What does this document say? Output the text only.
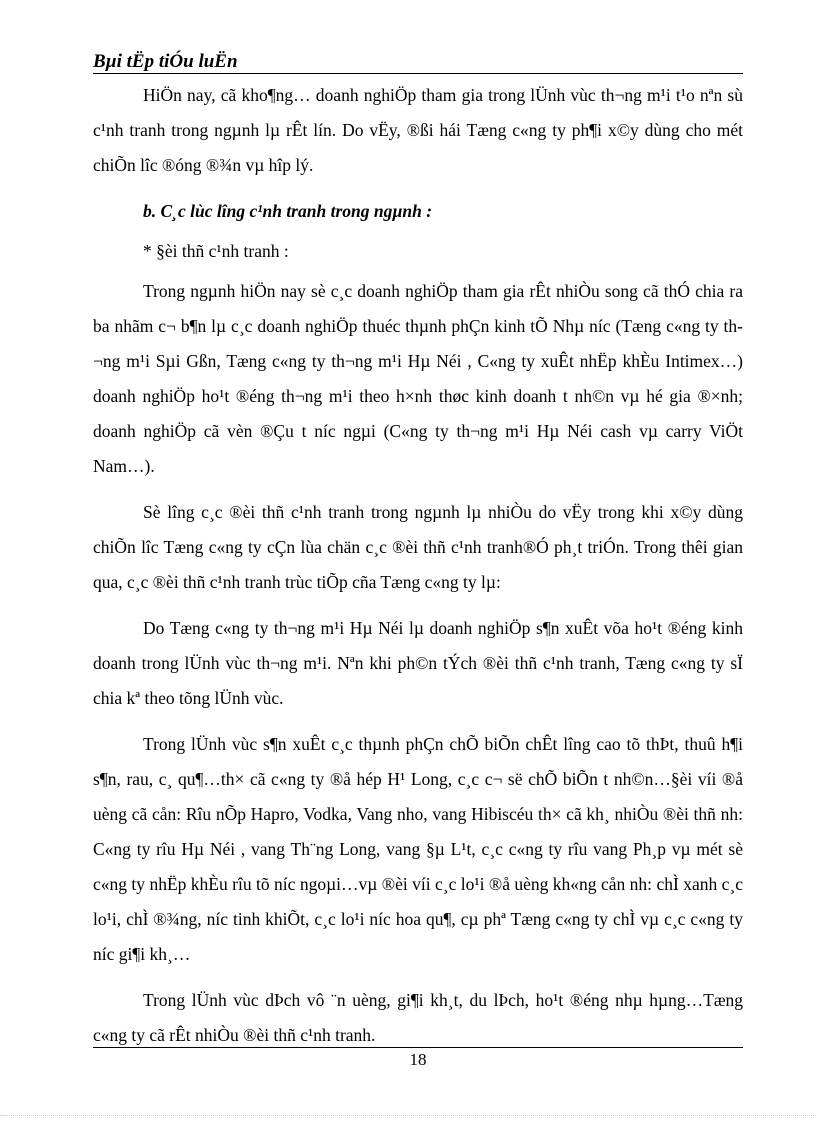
Bµi tËp tiÓu luËn

HiÖn nay, cã kho¶ng… doanh nghiÖp tham gia trong lÜnh vùc th¬ng m¹i t¹o nªn sù c¹nh tranh trong ngµnh lµ rÊt lín. Do vËy, ®ßi hái Tæng c«ng ty ph¶i x©y dùng cho mét chiÕn lîc ®óng ®¾n vµ hîp lý.

b. C¸c lùc lîng c¹nh tranh trong ngµnh :

* §èi thñ c¹nh tranh :

Trong ngµnh hiÖn nay sè c¸c doanh nghiÖp tham gia rÊt nhiÒu song cã thÓ chia ra ba nhãm c¬ b¶n lµ c¸c doanh nghiÖp thuéc thµnh phÇn kinh tÕ Nhµ níc (Tæng c«ng ty th¬ng m¹i Sµi Gßn, Tæng c«ng ty th¬ng m¹i Hµ Néi , C«ng ty xuÊt nhËp khÈu Intimex…) doanh nghiÖp ho¹t ®éng th¬ng m¹i theo h×nh thøc kinh doanh t nh©n vµ hé gia ®×nh; doanh nghiÖp cã vèn ®Çu t níc ngµi (C«ng ty th¬ng m¹i Hµ Néi cash vµ carry ViÖt Nam…).

Sè lîng c¸c ®èi thñ c¹nh tranh trong ngµnh lµ nhiÒu do vËy trong khi x©y dùng chiÕn lîc Tæng c«ng ty cÇn lùa chän c¸c ®èi thñ c¹nh tranh®Ó ph¸t triÓn. Trong thêi gian qua, c¸c ®èi thñ c¹nh tranh trùc tiÕp cña Tæng c«ng ty lµ:

Do Tæng c«ng ty th¬ng m¹i Hµ Néi lµ doanh nghiÖp s¶n xuÊt võa ho¹t ®éng kinh doanh trong lÜnh vùc th¬ng m¹i. Nªn khi ph©n tÝch ®èi thñ c¹nh tranh, Tæng c«ng ty sÏ chia kª theo tõng lÜnh vùc.

Trong lÜnh vùc s¶n xuÊt c¸c thµnh phÇn chÕ biÕn chÊt lîng cao tõ thÞt, thuû h¶i s¶n, rau, c¸ qu¶…th× cã c«ng ty ®å hép H¹ Long, c¸c c¬ së chÕ biÕn t nh©n…§èi víi ®å uèng cã cån: Rîu nÕp Hapro, Vodka, Vang nho, vang Hibiscéu th× cã kh¸ nhiÒu ®èi thñ nh: C«ng ty rîu Hµ Néi , vang Th¨ng Long, vang §µ L¹t, c¸c c«ng ty rîu vang Ph¸p vµ mét sè c«ng ty nhËp khÈu rîu tõ níc ngoµi…vµ ®èi víi c¸c lo¹i ®å uèng kh«ng cån nh: chÌ xanh c¸c lo¹i, chÌ ®¾ng, níc tinh khiÕt, c¸c lo¹i níc hoa qu¶, cµ phª Tæng c«ng ty chÌ vµ c¸c c«ng ty níc gi¶i kh¸…

Trong lÜnh vùc dÞch vô ¨n uèng, gi¶i kh¸t, du lÞch, ho¹t ®éng nhµ hµng…Tæng c«ng ty cã rÊt nhiÒu ®èi thñ c¹nh tranh.

18
